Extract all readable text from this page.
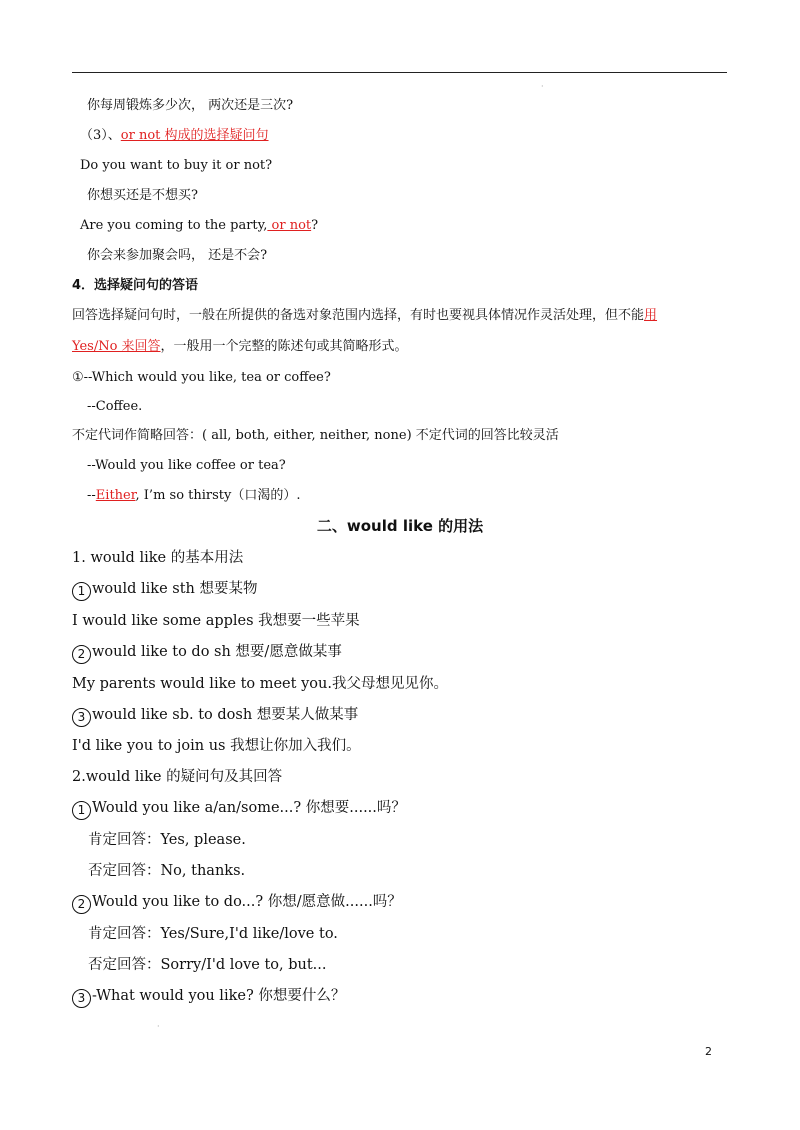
·
·
你每周锻炼多少次， 两次还是三次?
（3）、or not 构成的选择疑问句
Do you want to buy it or not?
你想买还是不想买?
Are you coming to the party, or not?
你会来参加聚会吗， 还是不会?
4．选择疑问句的答语
回答选择疑问句时，一般在所提供的备选对象范围内选择，有时也要视具体情况作灵活处理，但不能用
Yes/No 来回答，一般用一个完整的陈述句或其简略形式。
①--Which would you like, tea or coffee?
--Coffee.
不定代词作简略回答：( all, both, either, neither, none) 不定代词的回答比较灵活
--Would you like coffee or tea?
--Either, I’m so thirsty（口渴的）.
二、would like 的用法
1. would like 的基本用法
1 would like sth 想要某物
I would like some apples 我想要一些苹果
2 would like to do sh 想要/愿意做某事
My parents would like to meet you.我父母想见见你。
3 would like sb. to dosh 想要某人做某事
I'd like you to join us 我想让你加入我们。
2.would like 的疑问句及其回答
1 Would you like a/an/some...? 你想要......吗？
肯定回答：Yes, please.
否定回答：No, thanks.
2 Would you like to do...? 你想/愿意做......吗？
肯定回答：Yes/Sure,I'd like/love to.
否定回答：Sorry/I'd love to, but...
3 -What would you like? 你想要什么？
2
